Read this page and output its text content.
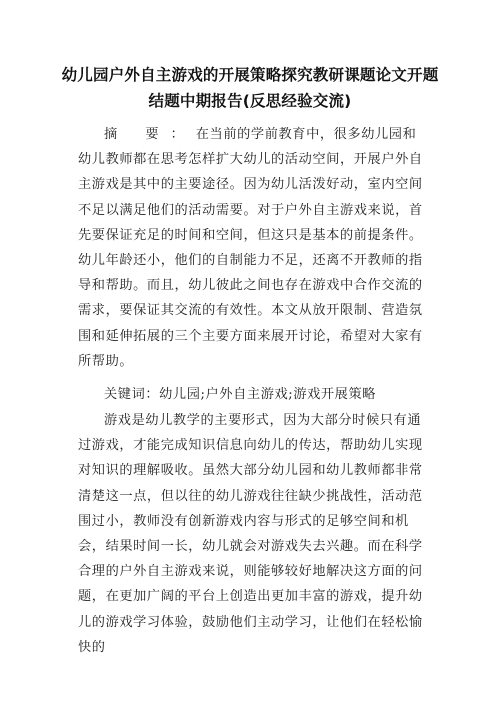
幼儿园户外自主游戏的开展策略探究教研课题论文开题结题中期报告(反思经验交流)
摘 要：在当前的学前教育中，很多幼儿园和幼儿教师都在思考怎样扩大幼儿的活动空间，开展户外自主游戏是其中的主要途径。因为幼儿活泼好动，室内空间不足以满足他们的活动需要。对于户外自主游戏来说，首先要保证充足的时间和空间，但这只是基本的前提条件。幼儿年龄还小，他们的自制能力不足，还离不开教师的指导和帮助。而且，幼儿彼此之间也存在游戏中合作交流的需求，要保证其交流的有效性。本文从放开限制、营造氛围和延伸拓展的三个主要方面来展开讨论，希望对大家有所帮助。
关键词：幼儿园;户外自主游戏;游戏开展策略
游戏是幼儿教学的主要形式，因为大部分时候只有通过游戏，才能完成知识信息向幼儿的传达，帮助幼儿实现对知识的理解吸收。虽然大部分幼儿园和幼儿教师都非常清楚这一点，但以往的幼儿游戏往往缺少挑战性，活动范围过小，教师没有创新游戏内容与形式的足够空间和机会，结果时间一长，幼儿就会对游戏失去兴趣。而在科学合理的户外自主游戏来说，则能够较好地解决这方面的问题，在更加广阔的平台上创造出更加丰富的游戏，提升幼儿的游戏学习体验，鼓励他们主动学习，让他们在轻松愉快的
